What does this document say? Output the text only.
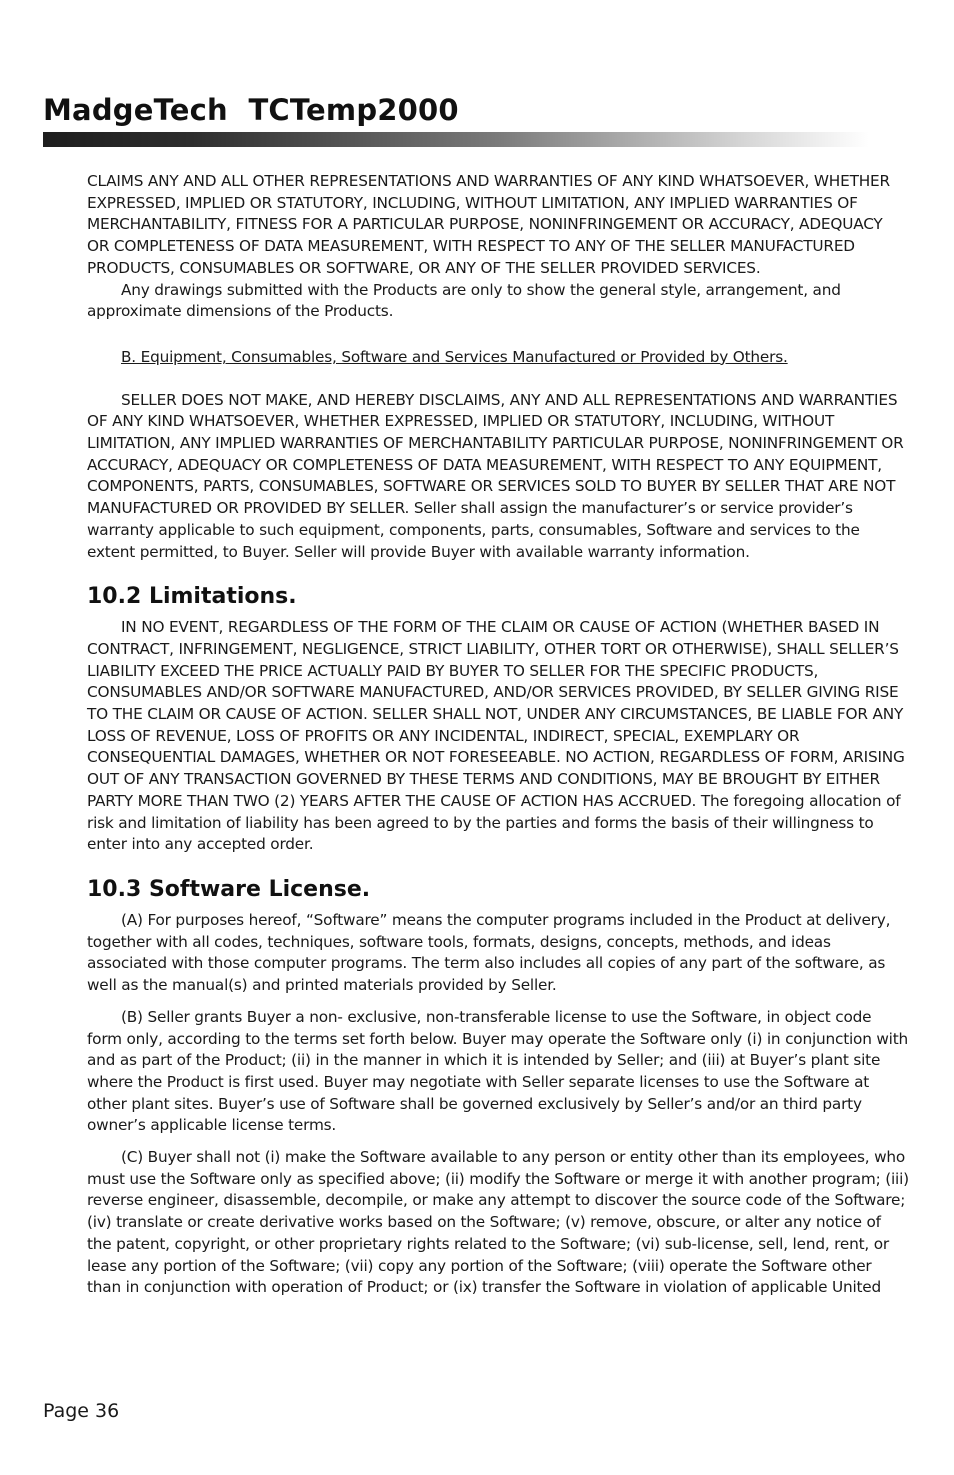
MadgeTech  TCTemp2000

CLAIMS ANY AND ALL OTHER REPRESENTATIONS AND WARRANTIES OF ANY KIND WHATSOEVER, WHETHER EXPRESSED, IMPLIED OR STATUTORY, INCLUDING, WITHOUT LIMITATION, ANY IMPLIED WARRANTIES OF MERCHANTABILITY, FITNESS FOR A PARTICULAR PURPOSE, NONINFRINGEMENT OR ACCURACY, ADEQUACY OR COMPLETENESS OF DATA MEASUREMENT, WITH RESPECT TO ANY OF THE SELLER MANUFACTURED PRODUCTS, CONSUMABLES OR SOFTWARE, OR ANY OF THE SELLER PROVIDED SERVICES.

Any drawings submitted with the Products are only to show the general style, arrangement, and approximate dimensions of the Products.

B. Equipment, Consumables, Software and Services Manufactured or Provided by Others.

SELLER DOES NOT MAKE, AND HEREBY DISCLAIMS, ANY AND ALL REPRESENTATIONS AND WARRANTIES OF ANY KIND WHATSOEVER, WHETHER EXPRESSED, IMPLIED OR STATUTORY, INCLUDING, WITHOUT LIMITATION, ANY IMPLIED WARRANTIES OF MERCHANTABILITY PARTICULAR PURPOSE, NONINFRINGEMENT OR ACCURACY, ADEQUACY OR COMPLETENESS OF DATA MEASUREMENT, WITH RESPECT TO ANY EQUIPMENT, COMPONENTS, PARTS, CONSUMABLES, SOFTWARE OR SERVICES SOLD TO BUYER BY SELLER THAT ARE NOT MANUFACTURED OR PROVIDED BY SELLER. Seller shall assign the manufacturer’s or service provider’s warranty applicable to such equipment, components, parts, consumables, Software and services to the extent permitted, to Buyer. Seller will provide Buyer with available warranty information.

10.2 Limitations.

IN NO EVENT, REGARDLESS OF THE FORM OF THE CLAIM OR CAUSE OF ACTION (WHETHER BASED IN CONTRACT, INFRINGEMENT, NEGLIGENCE, STRICT LIABILITY, OTHER TORT OR OTHERWISE), SHALL SELLER’S LIABILITY EXCEED THE PRICE ACTUALLY PAID BY BUYER TO SELLER FOR THE SPECIFIC PRODUCTS, CONSUMABLES AND/OR SOFTWARE MANUFACTURED, AND/OR SERVICES PROVIDED, BY SELLER GIVING RISE TO THE CLAIM OR CAUSE OF ACTION. SELLER SHALL NOT, UNDER ANY CIRCUMSTANCES, BE LIABLE FOR ANY LOSS OF REVENUE, LOSS OF PROFITS OR ANY INCIDENTAL, INDIRECT, SPECIAL, EXEMPLARY OR CONSEQUENTIAL DAMAGES, WHETHER OR NOT FORESEEABLE. NO ACTION, REGARDLESS OF FORM, ARISING OUT OF ANY TRANSACTION GOVERNED BY THESE TERMS AND CONDITIONS, MAY BE BROUGHT BY EITHER PARTY MORE THAN TWO (2) YEARS AFTER THE CAUSE OF ACTION HAS ACCRUED. The foregoing allocation of risk and limitation of liability has been agreed to by the parties and forms the basis of their willingness to enter into any accepted order.

10.3 Software License.

(A) For purposes hereof, “Software” means the computer programs included in the Product at delivery, together with all codes, techniques, software tools, formats, designs, concepts, methods, and ideas associated with those computer programs. The term also includes all copies of any part of the software, as well as the manual(s) and printed materials provided by Seller.

(B) Seller grants Buyer a non- exclusive, non-transferable license to use the Software, in object code form only, according to the terms set forth below. Buyer may operate the Software only (i) in conjunction with and as part of the Product; (ii) in the manner in which it is intended by Seller; and (iii) at Buyer’s plant site where the Product is first used. Buyer may negotiate with Seller separate licenses to use the Software at other plant sites. Buyer’s use of Software shall be governed exclusively by Seller’s and/or an third party owner’s applicable license terms.

(C) Buyer shall not (i) make the Software available to any person or entity other than its employees, who must use the Software only as specified above; (ii) modify the Software or merge it with another program; (iii) reverse engineer, disassemble, decompile, or make any attempt to discover the source code of the Software; (iv) translate or create derivative works based on the Software; (v) remove, obscure, or alter any notice of the patent, copyright, or other proprietary rights related to the Software; (vi) sub-license, sell, lend, rent, or lease any portion of the Software; (vii) copy any portion of the Software; (viii) operate the Software other than in conjunction with operation of Product; or (ix) transfer the Software in violation of applicable United

Page 36
